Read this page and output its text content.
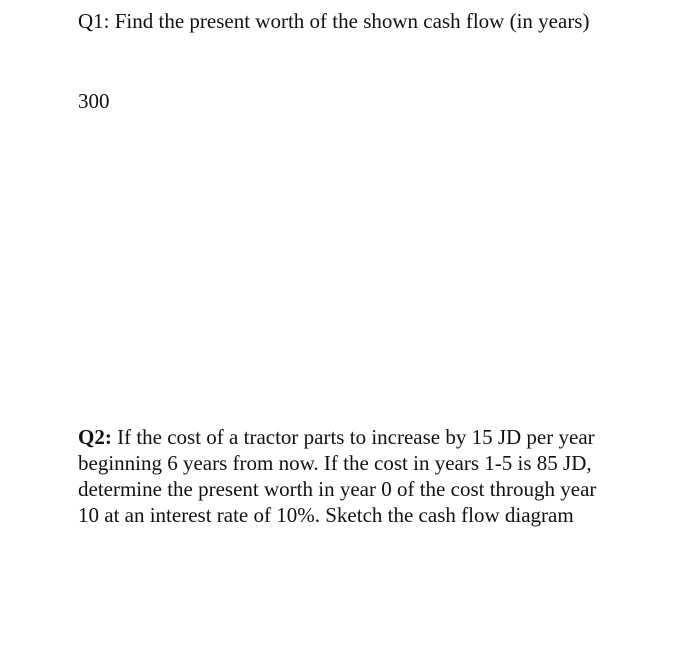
Q1: Find the present worth of the shown cash flow (in years)

300

Q2: If the cost of a tractor parts to increase by 15 JD per year beginning 6 years from now. If the cost in years 1-5 is 85 JD, determine the present worth in year 0 of the cost through year 10 at an interest rate of 10%. Sketch the cash flow diagram
